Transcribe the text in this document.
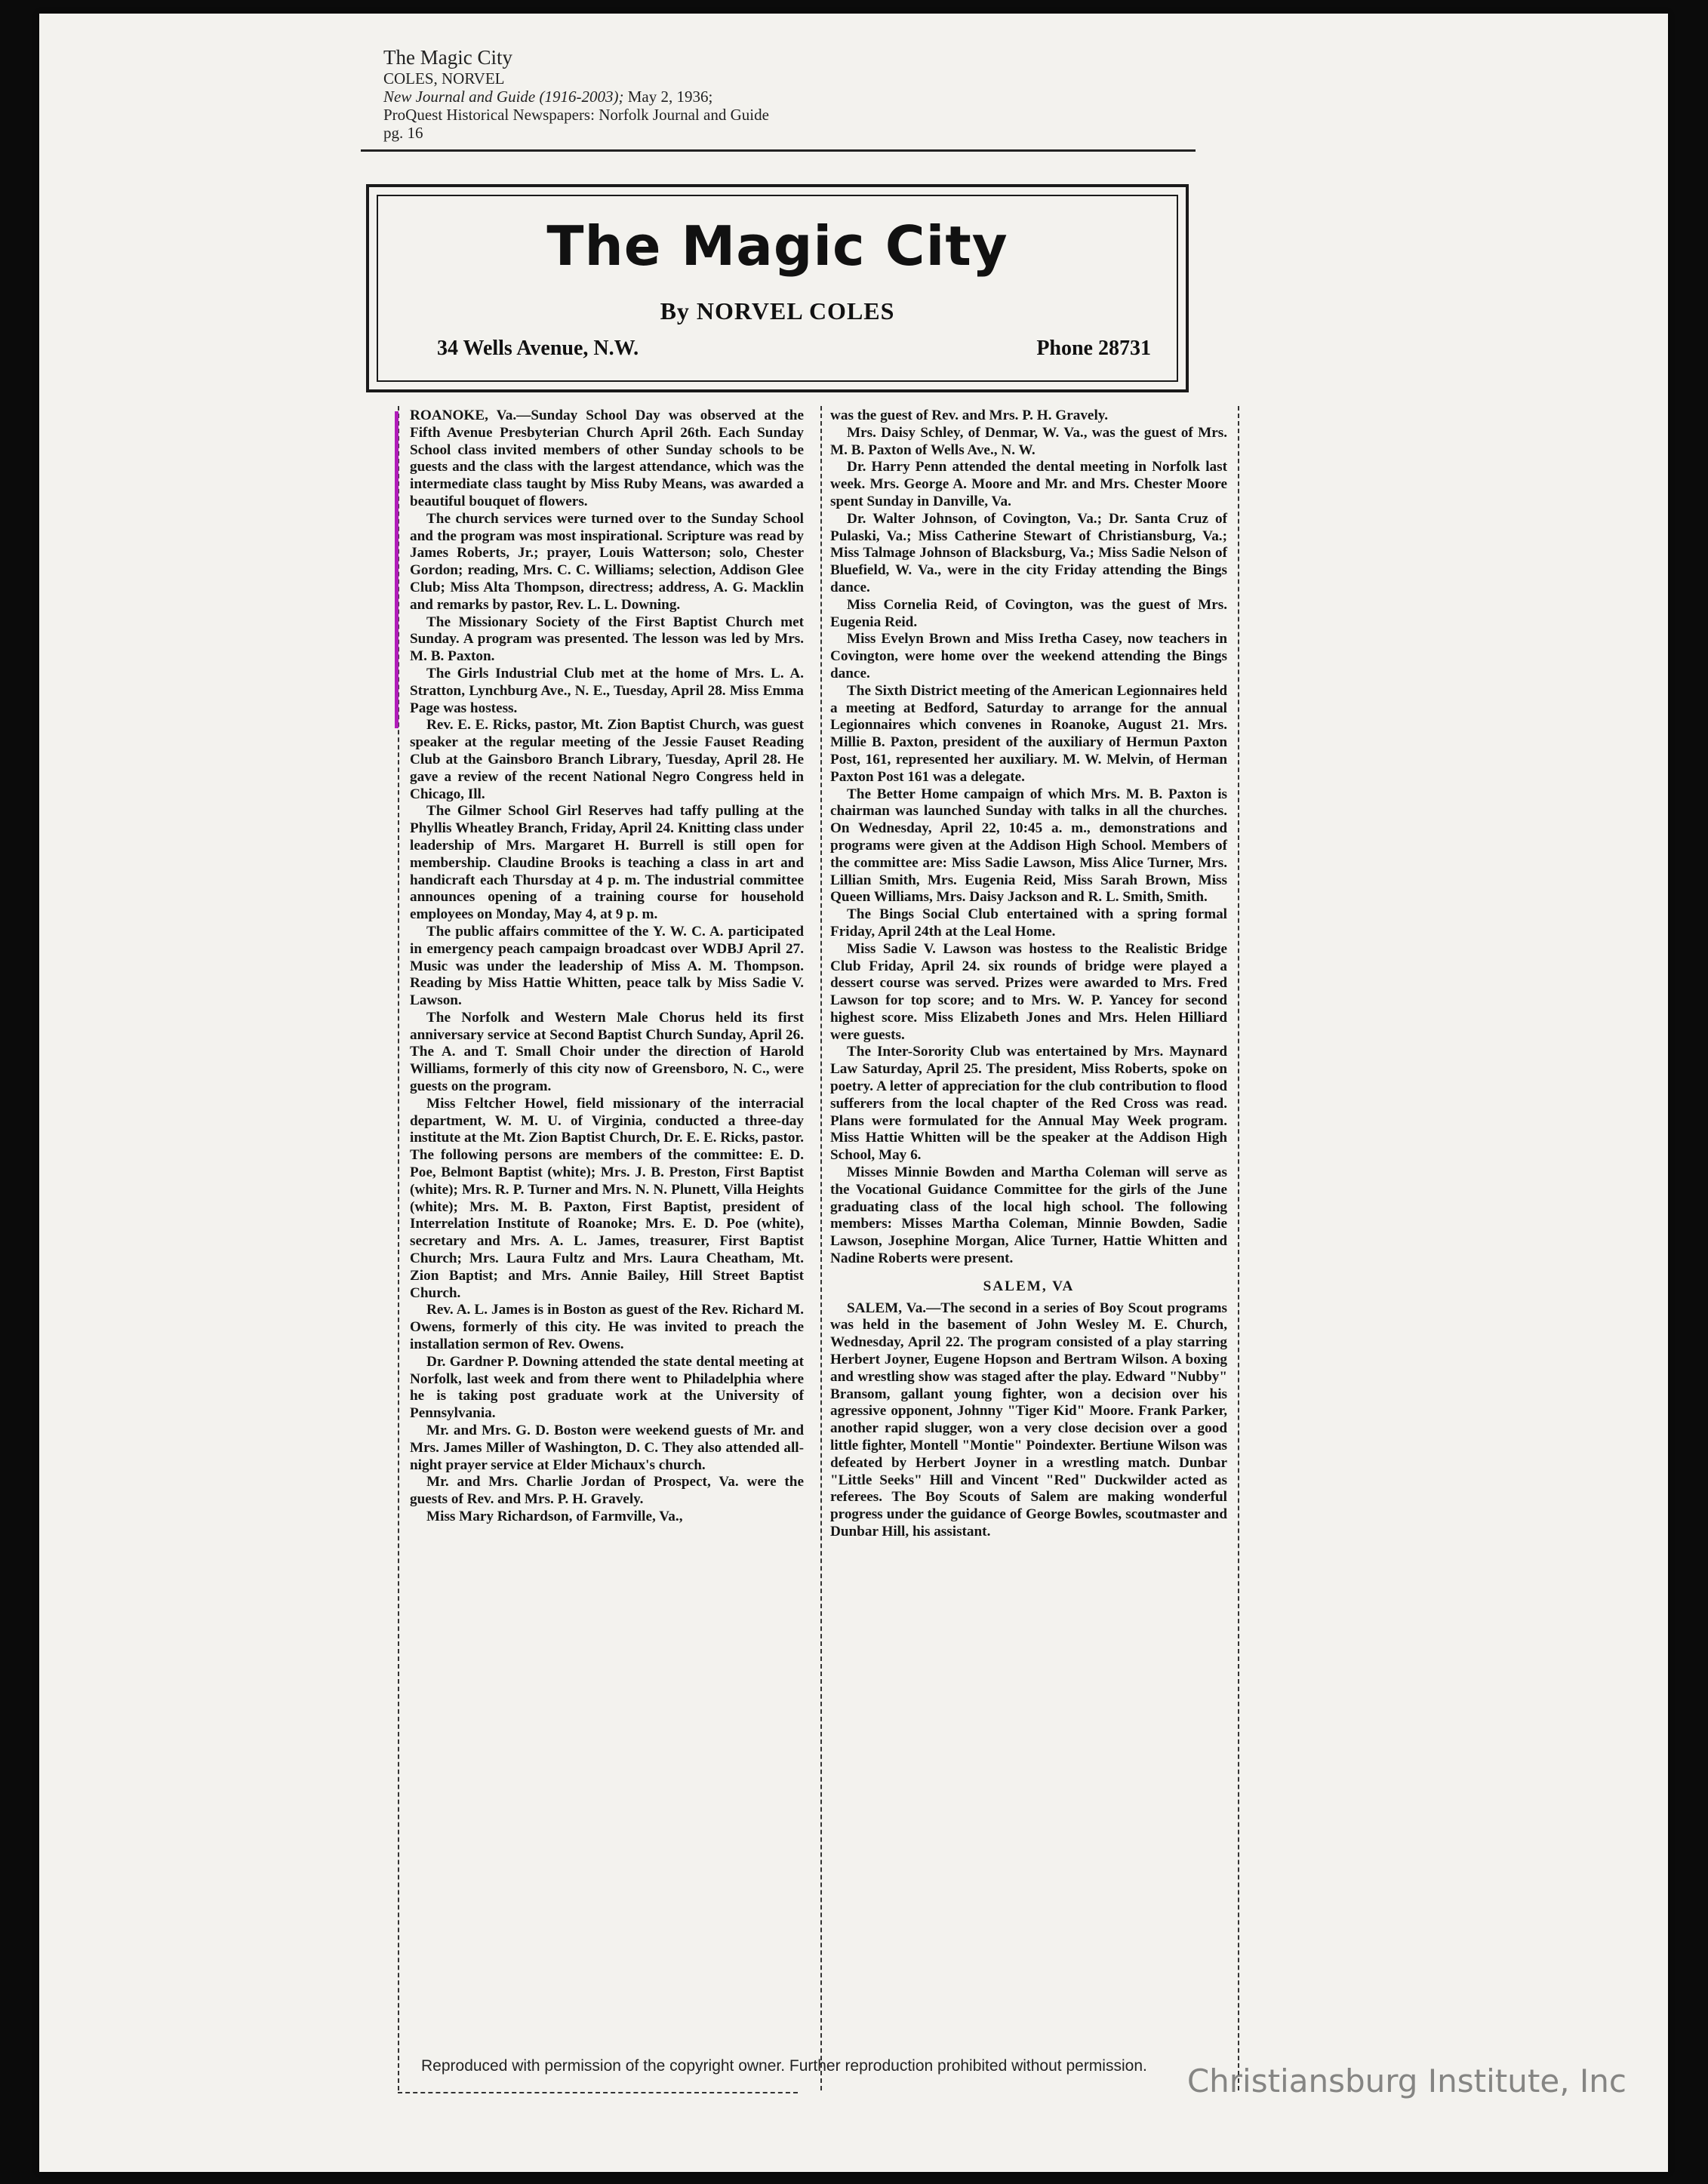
The Magic City
COLES, NORVEL
New Journal and Guide (1916-2003); May 2, 1936;
ProQuest Historical Newspapers: Norfolk Journal and Guide
pg. 16
The Magic City
By NORVEL COLES
34 Wells Avenue, N.W.	Phone 28731

ROANOKE, Va.—Sunday School Day was observed at the Fifth Avenue Presbyterian Church April 26th. Each Sunday School class invited members of other Sunday schools to be guests and the class with the largest attendance, which was the intermediate class taught by Miss Ruby Means, was awarded a beautiful bouquet of flowers.

The church services were turned over to the Sunday School and the program was most inspirational. Scripture was read by James Roberts, Jr.; prayer, Louis Watterson; solo, Chester Gordon; reading, Mrs. C. C. Williams; selection, Addison Glee Club; Miss Alta Thompson, directress; address, A. G. Macklin and remarks by pastor, Rev. L. L. Downing.

The Missionary Society of the First Baptist Church met Sunday. A program was presented. The lesson was led by Mrs. M. B. Paxton.

The Girls Industrial Club met at the home of Mrs. L. A. Stratton, Lynchburg Ave., N. E., Tuesday, April 28. Miss Emma Page was hostess.

Rev. E. E. Ricks, pastor, Mt. Zion Baptist Church, was guest speaker at the regular meeting of the Jessie Fauset Reading Club at the Gainsboro Branch Library, Tuesday, April 28. He gave a review of the recent National Negro Congress held in Chicago, Ill.

The Gilmer School Girl Reserves had taffy pulling at the Phyllis Wheatley Branch, Friday, April 24. Knitting class under leadership of Mrs. Margaret H. Burrell is still open for membership. Claudine Brooks is teaching a class in art and handicraft each Thursday at 4 p. m. The industrial committee announces opening of a training course for household employees on Monday, May 4, at 9 p. m.

The public affairs committee of the Y. W. C. A. participated in emergency peach campaign broadcast over WDBJ April 27. Music was under the leadership of Miss A. M. Thompson. Reading by Miss Hattie Whitten, peace talk by Miss Sadie V. Lawson.

The Norfolk and Western Male Chorus held its first anniversary service at Second Baptist Church Sunday, April 26. The A. and T. Small Choir under the direction of Harold Williams, formerly of this city now of Greensboro, N. C., were guests on the program.

Miss Feltcher Howel, field missionary of the interracial department, W. M. U. of Virginia, conducted a three-day institute at the Mt. Zion Baptist Church, Dr. E. E. Ricks, pastor. The following persons are members of the committee: E. D. Poe, Belmont Baptist (white); Mrs. J. B. Preston, First Baptist (white); Mrs. R. P. Turner and Mrs. N. N. Plunett, Villa Heights (white); Mrs. M. B. Paxton, First Baptist, president of Interrelation Institute of Roanoke; Mrs. E. D. Poe (white), secretary and Mrs. A. L. James, treasurer, First Baptist Church; Mrs. Laura Fultz and Mrs. Laura Cheatham, Mt. Zion Baptist; and Mrs. Annie Bailey, Hill Street Baptist Church.

Rev. A. L. James is in Boston as guest of the Rev. Richard M. Owens, formerly of this city. He was invited to preach the installation sermon of Rev. Owens.

Dr. Gardner P. Downing attended the state dental meeting at Norfolk, last week and from there went to Philadelphia where he is taking post graduate work at the University of Pennsylvania.

Mr. and Mrs. G. D. Boston were weekend guests of Mr. and Mrs. James Miller of Washington, D. C. They also attended all-night prayer service at Elder Michaux's church.

Mr. and Mrs. Charlie Jordan of Prospect, Va. were the guests of Rev. and Mrs. P. H. Gravely.

Miss Mary Richardson, of Farmville, Va.,

was the guest of Rev. and Mrs. P. H. Gravely.

Mrs. Daisy Schley, of Denmar, W. Va., was the guest of Mrs. M. B. Paxton of Wells Ave., N. W.

Dr. Harry Penn attended the dental meeting in Norfolk last week. Mrs. George A. Moore and Mr. and Mrs. Chester Moore spent Sunday in Danville, Va.

Dr. Walter Johnson, of Covington, Va.; Dr. Santa Cruz of Pulaski, Va.; Miss Catherine Stewart of Christiansburg, Va.; Miss Talmage Johnson of Blacksburg, Va.; Miss Sadie Nelson of Bluefield, W. Va., were in the city Friday attending the Bings dance.

Miss Cornelia Reid, of Covington, was the guest of Mrs. Eugenia Reid.

Miss Evelyn Brown and Miss Iretha Casey, now teachers in Covington, were home over the weekend attending the Bings dance.

The Sixth District meeting of the American Legionnaires held a meeting at Bedford, Saturday to arrange for the annual Legionnaires which convenes in Roanoke, August 21. Mrs. Millie B. Paxton, president of the auxiliary of Hermun Paxton Post, 161, represented her auxiliary. M. W. Melvin, of Herman Paxton Post 161 was a delegate.

The Better Home campaign of which Mrs. M. B. Paxton is chairman was launched Sunday with talks in all the churches. On Wednesday, April 22, 10:45 a. m., demonstrations and programs were given at the Addison High School. Members of the committee are: Miss Sadie Lawson, Miss Alice Turner, Mrs. Lillian Smith, Mrs. Eugenia Reid, Miss Sarah Brown, Miss Queen Williams, Mrs. Daisy Jackson and R. L. Smith, Smith.

The Bings Social Club entertained with a spring formal Friday, April 24th at the Leal Home.

Miss Sadie V. Lawson was hostess to the Realistic Bridge Club Friday, April 24. six rounds of bridge were played a dessert course was served. Prizes were awarded to Mrs. Fred Lawson for top score; and to Mrs. W. P. Yancey for second highest score. Miss Elizabeth Jones and Mrs. Helen Hilliard were guests.

The Inter-Sorority Club was entertained by Mrs. Maynard Law Saturday, April 25. The president, Miss Roberts, spoke on poetry. A letter of appreciation for the club contribution to flood sufferers from the local chapter of the Red Cross was read. Plans were formulated for the Annual May Week program. Miss Hattie Whitten will be the speaker at the Addison High School, May 6.

Misses Minnie Bowden and Martha Coleman will serve as the Vocational Guidance Committee for the girls of the June graduating class of the local high school. The following members: Misses Martha Coleman, Minnie Bowden, Sadie Lawson, Josephine Morgan, Alice Turner, Hattie Whitten and Nadine Roberts were present.

SALEM, VA

SALEM, Va.—The second in a series of Boy Scout programs was held in the basement of John Wesley M. E. Church, Wednesday, April 22. The program consisted of a play starring Herbert Joyner, Eugene Hopson and Bertram Wilson. A boxing and wrestling show was staged after the play. Edward "Nubby" Bransom, gallant young fighter, won a decision over his agressive opponent, Johnny "Tiger Kid" Moore. Frank Parker, another rapid slugger, won a very close decision over a good little fighter, Montell "Montie" Poindexter. Bertiune Wilson was defeated by Herbert Joyner in a wrestling match. Dunbar "Little Seeks" Hill and Vincent "Red" Duckwilder acted as referees. The Boy Scouts of Salem are making wonderful progress under the guidance of George Bowles, scoutmaster and Dunbar Hill, his assistant.

Reproduced with permission of the copyright owner. Further reproduction prohibited without permission. Christiansburg Institute, Inc
